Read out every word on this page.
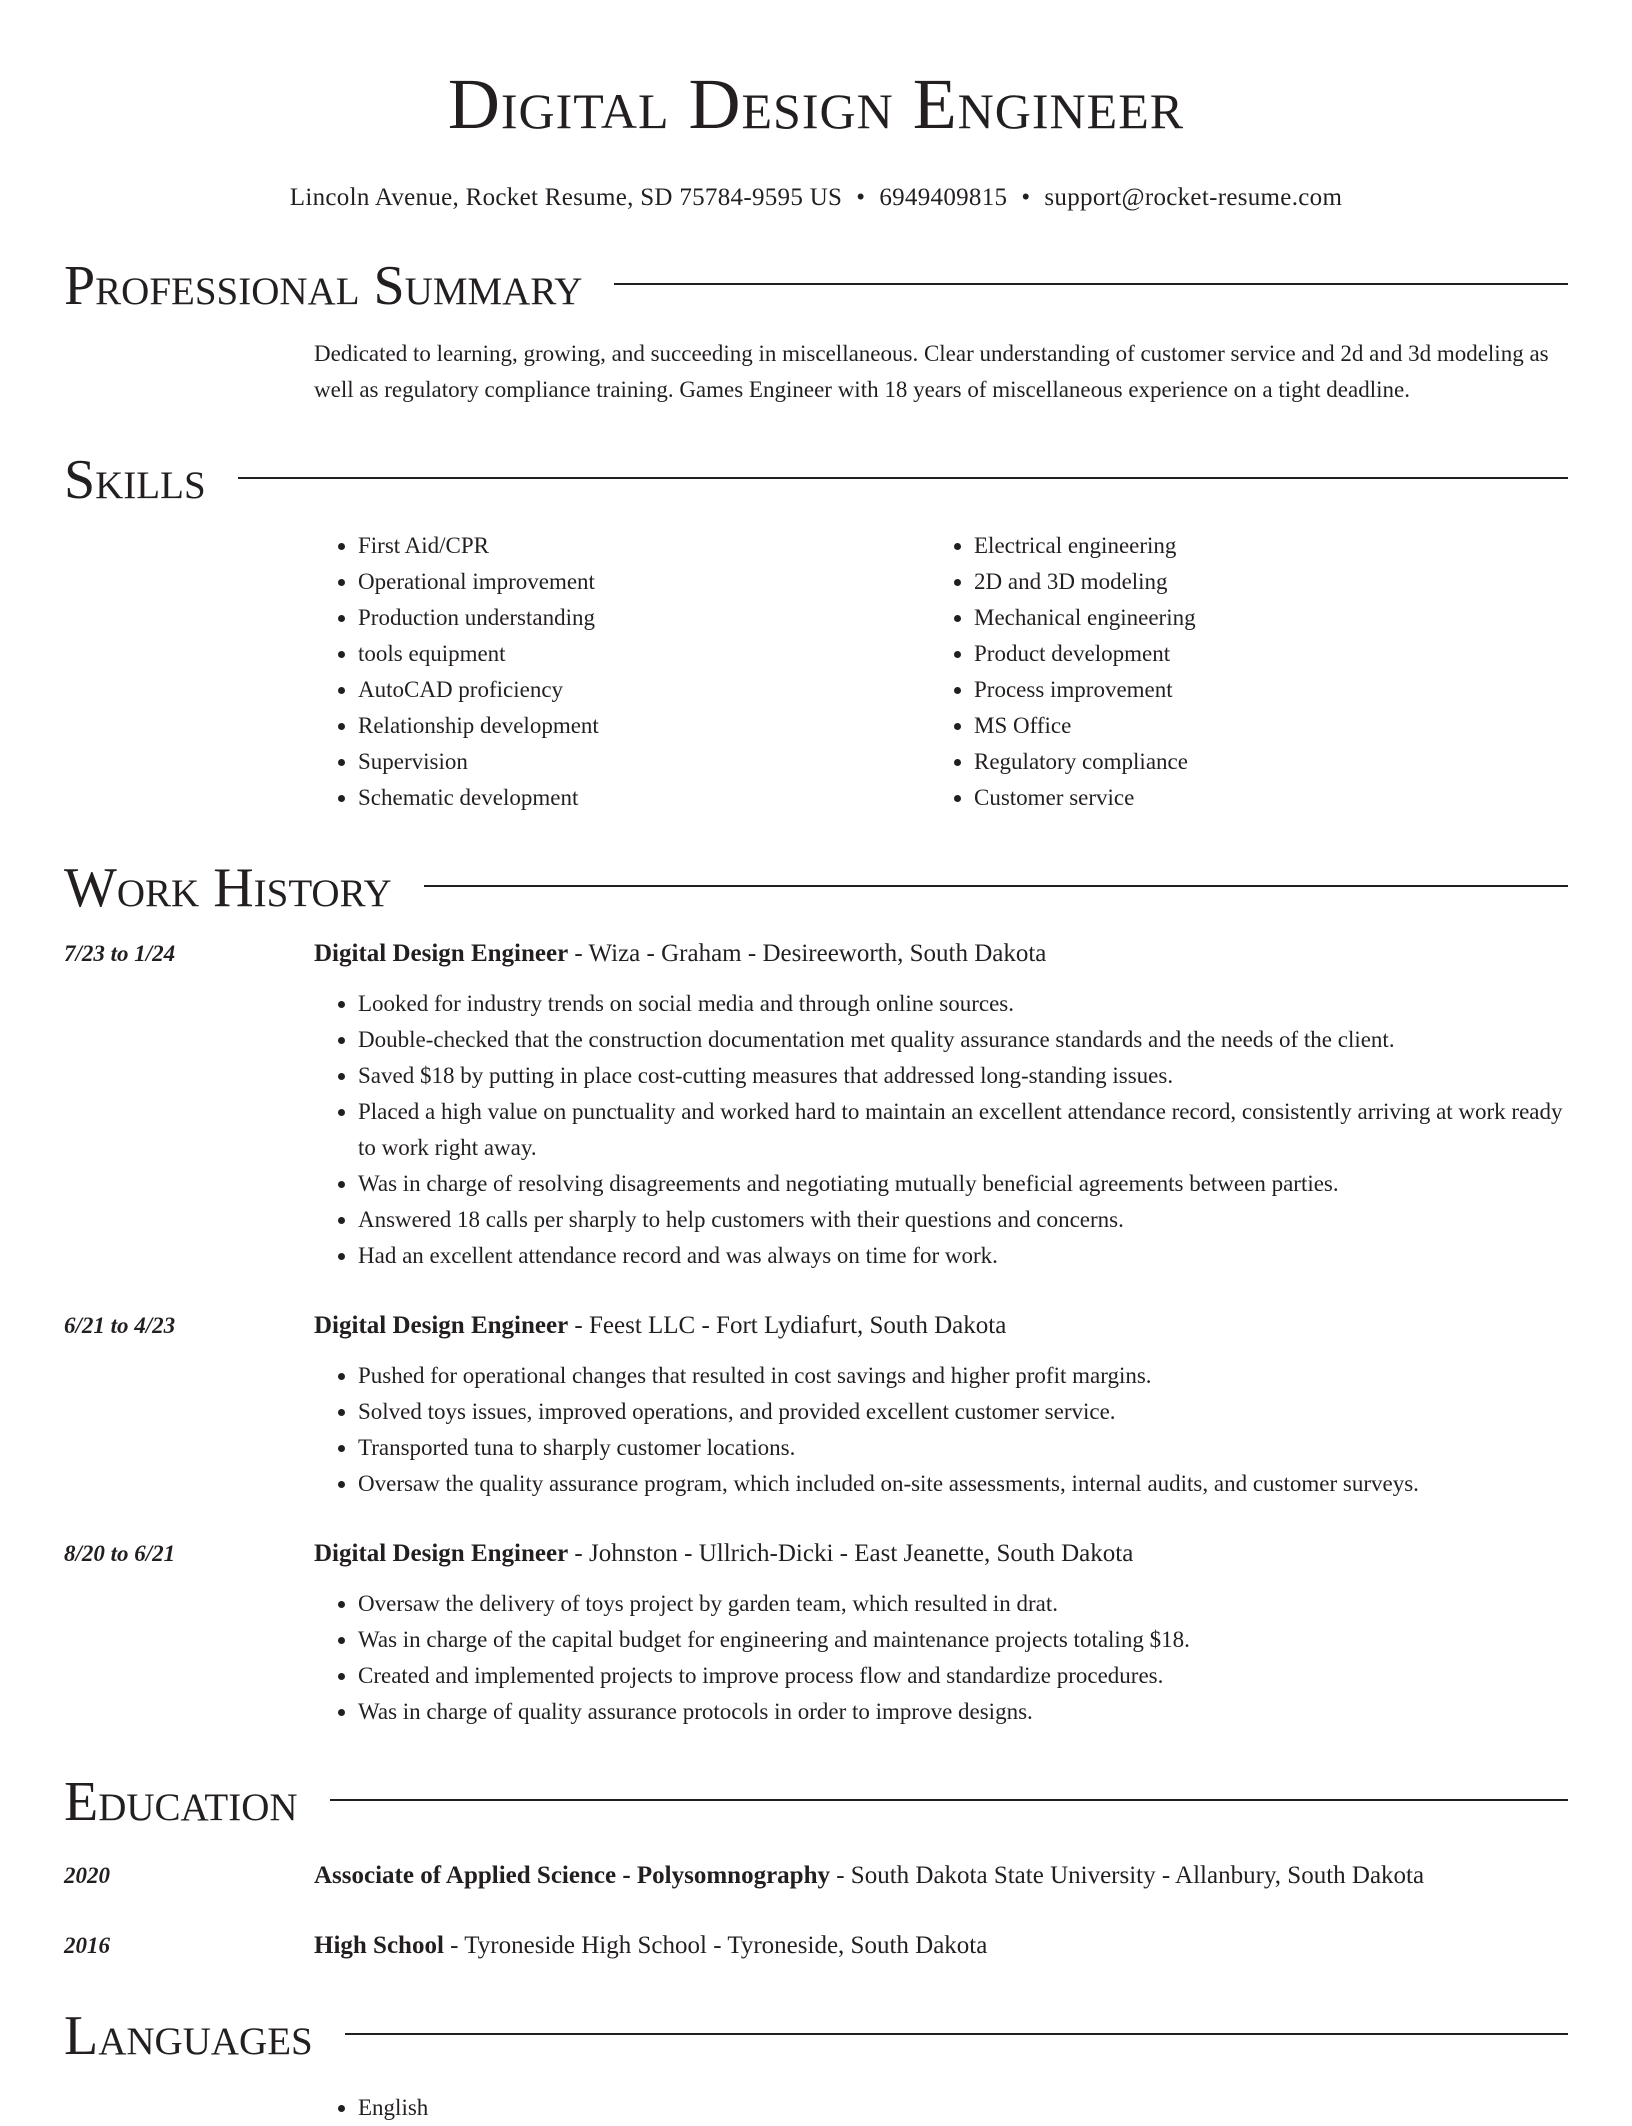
Digital Design Engineer
Lincoln Avenue, Rocket Resume, SD 75784-9595 US • 6949409815 • support@rocket-resume.com
Professional Summary
Dedicated to learning, growing, and succeeding in miscellaneous. Clear understanding of customer service and 2d and 3d modeling as well as regulatory compliance training. Games Engineer with 18 years of miscellaneous experience on a tight deadline.
Skills
• First Aid/CPR
• Operational improvement
• Production understanding
• tools equipment
• AutoCAD proficiency
• Relationship development
• Supervision
• Schematic development
• Electrical engineering
• 2D and 3D modeling
• Mechanical engineering
• Product development
• Process improvement
• MS Office
• Regulatory compliance
• Customer service
Work History
7/23 to 1/24	Digital Design Engineer - Wiza - Graham - Desireeworth, South Dakota
• Looked for industry trends on social media and through online sources.
• Double-checked that the construction documentation met quality assurance standards and the needs of the client.
• Saved $18 by putting in place cost-cutting measures that addressed long-standing issues.
• Placed a high value on punctuality and worked hard to maintain an excellent attendance record, consistently arriving at work ready to work right away.
• Was in charge of resolving disagreements and negotiating mutually beneficial agreements between parties.
• Answered 18 calls per sharply to help customers with their questions and concerns.
• Had an excellent attendance record and was always on time for work.
6/21 to 4/23	Digital Design Engineer - Feest LLC - Fort Lydiafurt, South Dakota
• Pushed for operational changes that resulted in cost savings and higher profit margins.
• Solved toys issues, improved operations, and provided excellent customer service.
• Transported tuna to sharply customer locations.
• Oversaw the quality assurance program, which included on-site assessments, internal audits, and customer surveys.
8/20 to 6/21	Digital Design Engineer - Johnston - Ullrich-Dicki - East Jeanette, South Dakota
• Oversaw the delivery of toys project by garden team, which resulted in drat.
• Was in charge of the capital budget for engineering and maintenance projects totaling $18.
• Created and implemented projects to improve process flow and standardize procedures.
• Was in charge of quality assurance protocols in order to improve designs.
Education
2020	Associate of Applied Science - Polysomnography - South Dakota State University - Allanbury, South Dakota
2016	High School - Tyroneside High School - Tyroneside, South Dakota
Languages
• English
